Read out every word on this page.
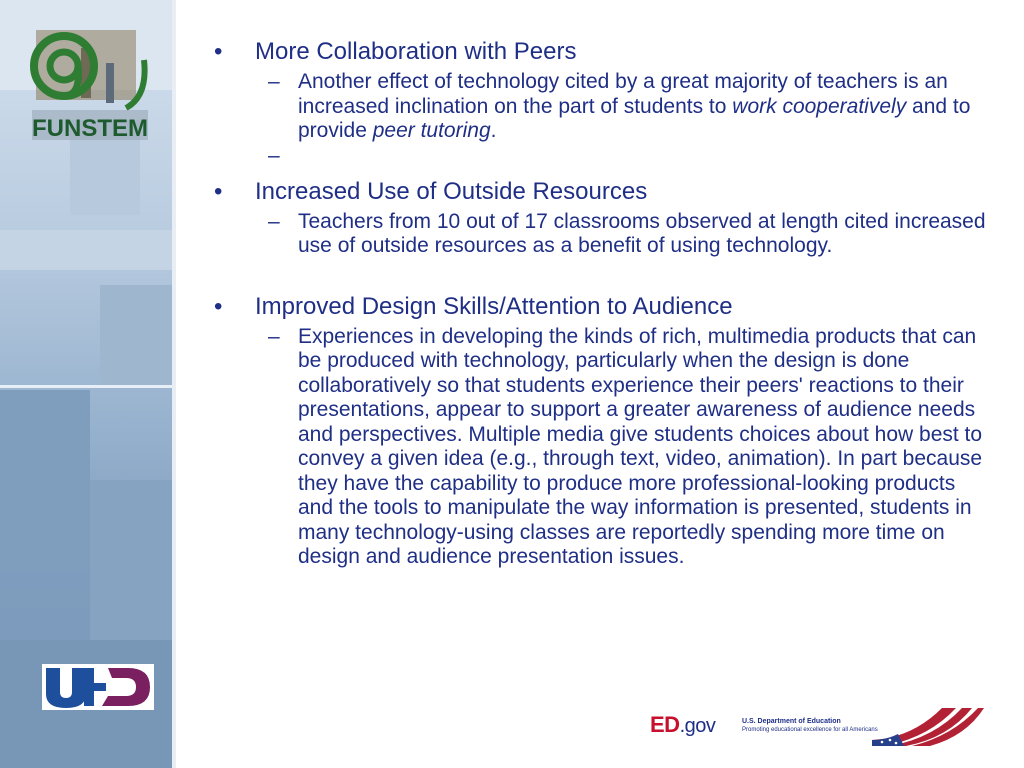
FUNSTEM
• More Collaboration with Peers
– Another effect of technology cited by a great majority of teachers is an increased inclination on the part of students to work cooperatively and to provide peer tutoring.
–
• Increased Use of Outside Resources
– Teachers from 10 out of 17 classrooms observed at length cited increased use of outside resources as a benefit of using technology.
• Improved Design Skills/Attention to Audience
– Experiences in developing the kinds of rich, multimedia products that can be produced with technology, particularly when the design is done collaboratively so that students experience their peers' reactions to their presentations, appear to support a greater awareness of audience needs and perspectives. Multiple media give students choices about how best to convey a given idea (e.g., through text, video, animation). In part because they have the capability to produce more professional-looking products and the tools to manipulate the way information is presented, students in many technology-using classes are reportedly spending more time on design and audience presentation issues.
ED.gov	U.S. Department of Education
Promoting educational excellence for all Americans
